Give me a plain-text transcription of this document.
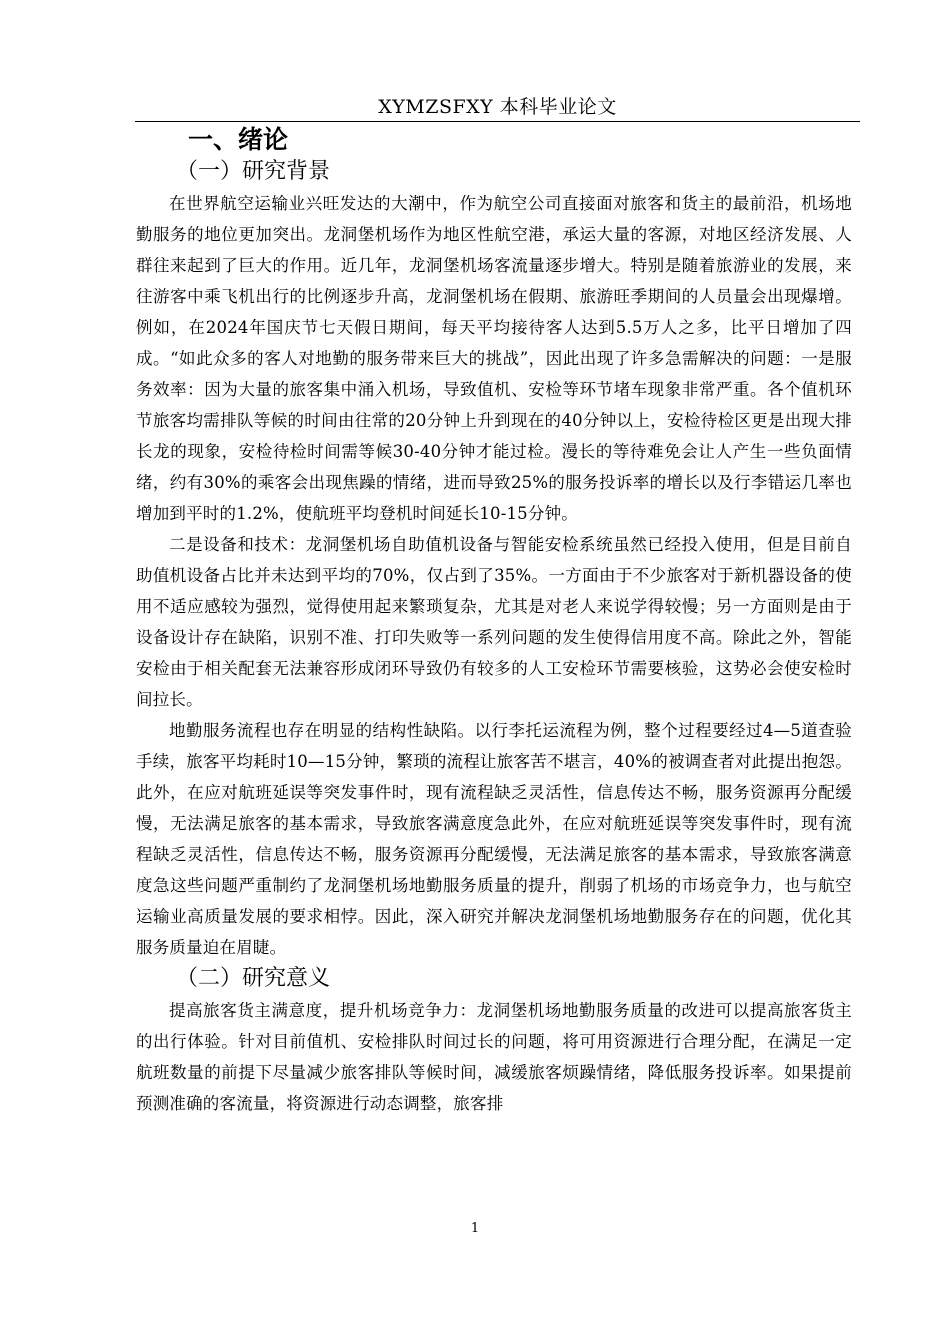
XYMZSFXY 本科毕业论文
一、绪论
（一）研究背景

在世界航空运输业兴旺发达的大潮中，作为航空公司直接面对旅客和货主的最前沿，机场地勤服务的地位更加突出。龙洞堡机场作为地区性航空港，承运大量的客源，对地区经济发展、人群往来起到了巨大的作用。近几年，龙洞堡机场客流量逐步增大。特别是随着旅游业的发展，来往游客中乘飞机出行的比例逐步升高，龙洞堡机场在假期、旅游旺季期间的人员量会出现爆增。例如，在2024年国庆节七天假日期间，每天平均接待客人达到5.5万人之多，比平日增加了四成。“如此众多的客人对地勤的服务带来巨大的挑战”，因此出现了许多急需解决的问题：一是服务效率：因为大量的旅客集中涌入机场，导致值机、安检等环节堵车现象非常严重。各个值机环节旅客均需排队等候的时间由往常的20分钟上升到现在的40分钟以上，安检待检区更是出现大排长龙的现象，安检待检时间需等候30-40分钟才能过检。漫长的等待难免会让人产生一些负面情绪，约有30%的乘客会出现焦躁的情绪，进而导致25%的服务投诉率的增长以及行李错运几率也增加到平时的1.2%，使航班平均登机时间延长10-15分钟。

二是设备和技术：龙洞堡机场自助值机设备与智能安检系统虽然已经投入使用，但是目前自助值机设备占比并未达到平均的70%，仅占到了35%。一方面由于不少旅客对于新机器设备的使用不适应感较为强烈，觉得使用起来繁琐复杂，尤其是对老人来说学得较慢；另一方面则是由于设备设计存在缺陷，识别不准、打印失败等一系列问题的发生使得信用度不高。除此之外，智能安检由于相关配套无法兼容形成闭环导致仍有较多的人工安检环节需要核验，这势必会使安检时间拉长。

地勤服务流程也存在明显的结构性缺陷。以行李托运流程为例，整个过程要经过4—5道查验手续，旅客平均耗时10—15分钟，繁琐的流程让旅客苦不堪言，40%的被调查者对此提出抱怨。此外，在应对航班延误等突发事件时，现有流程缺乏灵活性，信息传达不畅，服务资源再分配缓慢，无法满足旅客的基本需求，导致旅客满意度急此外，在应对航班延误等突发事件时，现有流程缺乏灵活性，信息传达不畅，服务资源再分配缓慢，无法满足旅客的基本需求，导致旅客满意度急这些问题严重制约了龙洞堡机场地勤服务质量的提升，削弱了机场的市场竞争力，也与航空运输业高质量发展的要求相悖。因此，深入研究并解决龙洞堡机场地勤服务存在的问题，优化其服务质量迫在眉睫。

（二）研究意义

提高旅客货主满意度，提升机场竞争力：龙洞堡机场地勤服务质量的改进可以提高旅客货主的出行体验。针对目前值机、安检排队时间过长的问题，将可用资源进行合理分配，在满足一定航班数量的前提下尽量减少旅客排队等候时间，减缓旅客烦躁情绪，降低服务投诉率。如果提前预测准确的客流量，将资源进行动态调整，旅客排

1
